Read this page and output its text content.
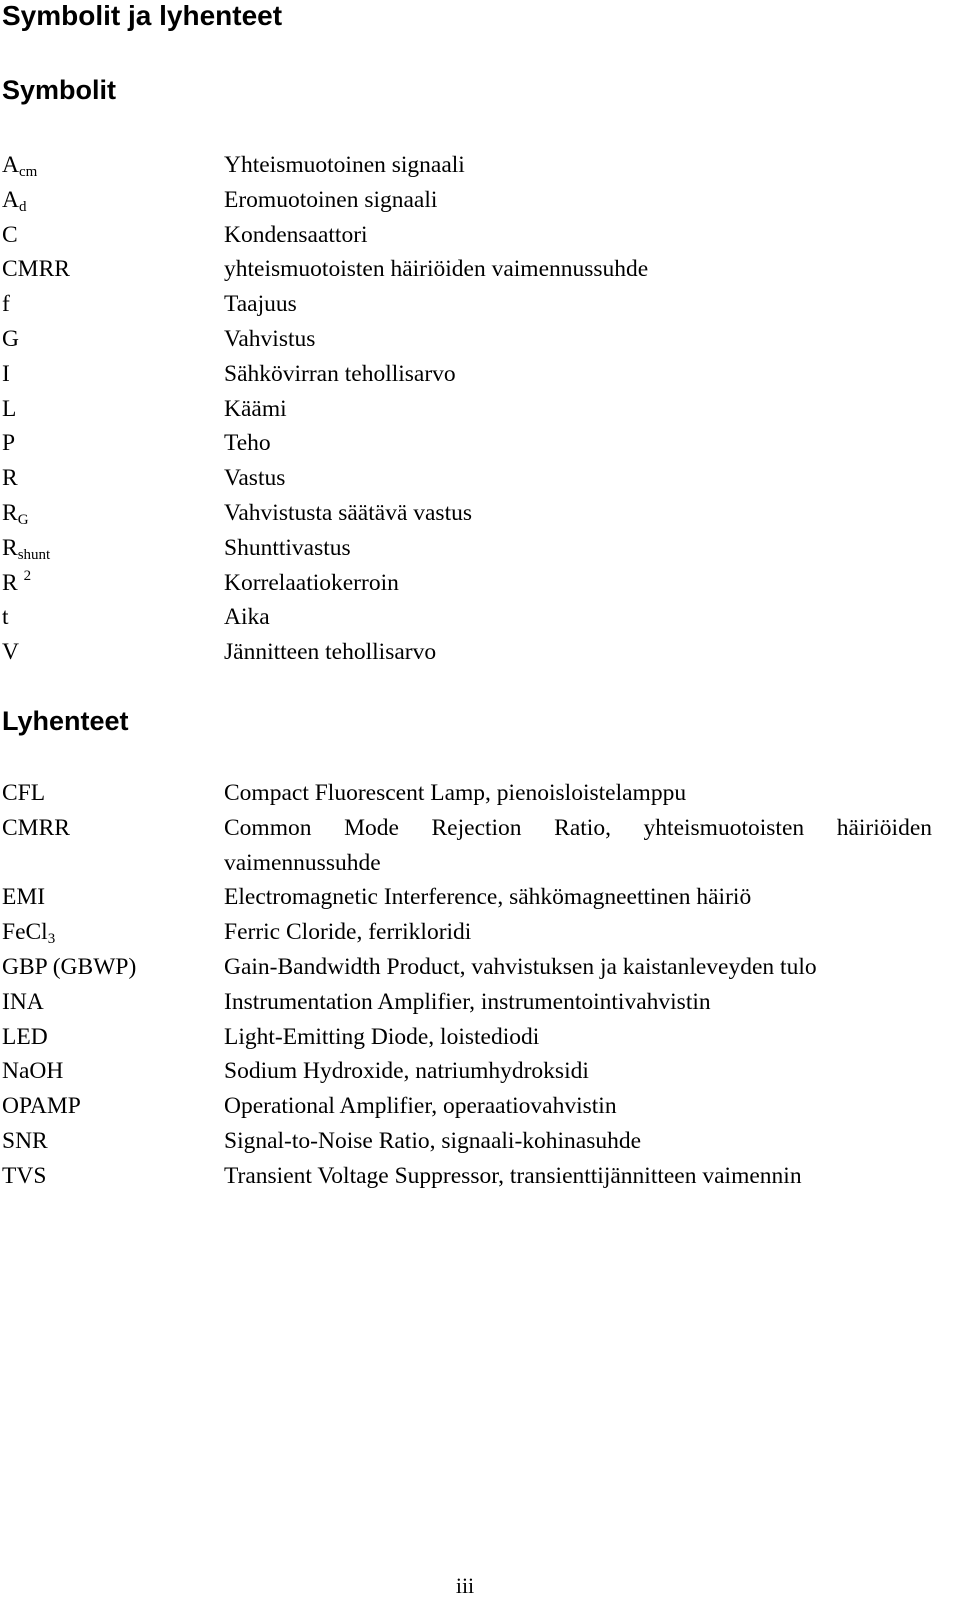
Symbolit ja lyhenteet
Symbolit
$A_{cm}$	Yhteismuotoinen signaali
$A_d$	Eromuotoinen signaali
C	Kondensaattori
CMRR	yhteismuotoisten häiriöiden vaimennussuhde
f	Taajuus
G	Vahvistus
I	Sähkövirran tehollisarvo
L	Käämi
P	Teho
R	Vastus
$R_G$	Vahvistusta säätävä vastus
$R_{shunt}$	Shunttivastus
R $^2$	Korrelaatiokerroin
t	Aika
V	Jännitteen tehollisarvo
Lyhenteet
CFL	Compact Fluorescent Lamp, pienoisloistelamppu
CMRR	Common Mode Rejection Ratio, yhteismuotoisten häiriöiden
vaimennussuhde
EMI	Electromagnetic Interference, sähkömagneettinen häiriö
FeCl$_3$	Ferric Cloride, ferrikloridi
GBP (GBWP)	Gain-Bandwidth Product, vahvistuksen ja kaistanleveyden tulo
INA	Instrumentation Amplifier, instrumentointivahvistin
LED	Light-Emitting Diode, loistediodi
NaOH	Sodium Hydroxide, natriumhydroksidi
OPAMP	Operational Amplifier, operaatiovahvistin
SNR	Signal-to-Noise Ratio, signaali-kohinasuhde
TVS	Transient Voltage Suppressor, transienttijännitteen vaimennin
iii
